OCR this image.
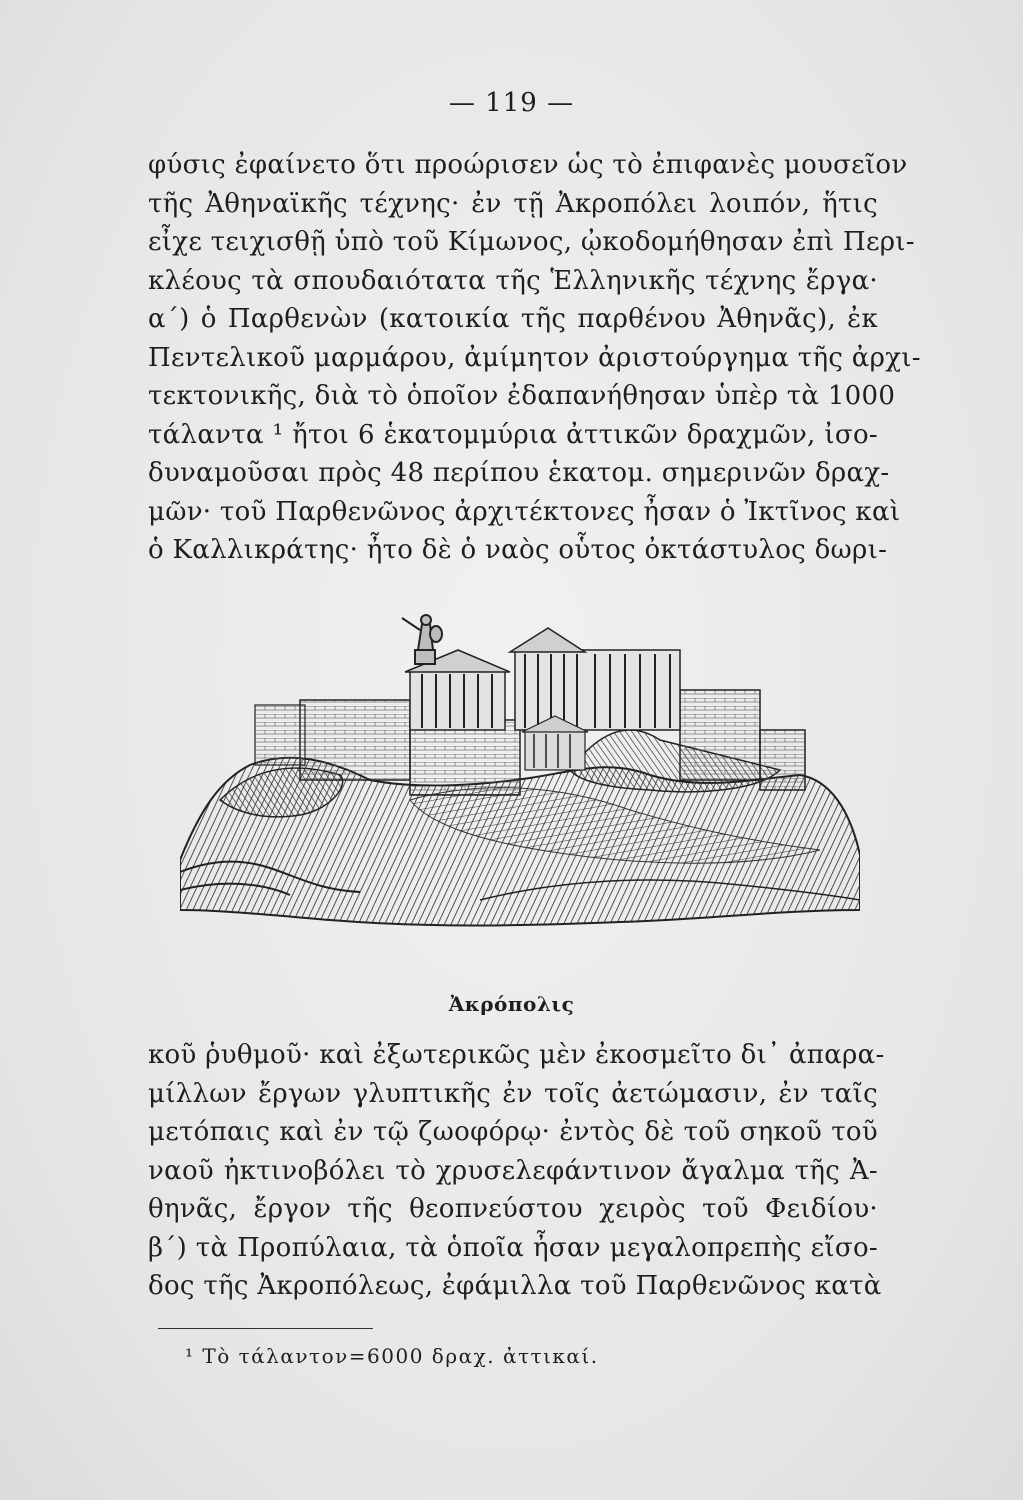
— 119 —
φύσις ἐφαίνετο ὅτι προώρισεν ὡς τὸ ἐπιφανὲς μουσεῖον
τῆς Ἀθηναϊκῆς τέχνης· ἐν τῇ Ἀκροπόλει λοιπόν, ἥτις
εἶχε τειχισθῇ ὑπὸ τοῦ Κίμωνος, ᾠκοδομήθησαν ἐπὶ Περι-
κλέους τὰ σπουδαιότατα τῆς Ἑλληνικῆς τέχνης ἔργα·
α΄) ὁ Παρθενὼν (κατοικία τῆς παρθένου Ἀθηνᾶς), ἐκ
Πεντελικοῦ μαρμάρου, ἀμίμητον ἀριστούργημα τῆς ἀρχι-
τεκτονικῆς, διὰ τὸ ὁποῖον ἐδαπανήθησαν ὑπὲρ τὰ 1000
τάλαντα ¹ ἤτοι 6 ἑκατομμύρια ἀττικῶν δραχμῶν, ἰσο-
δυναμοῦσαι πρὸς 48 περίπου ἑκατομ. σημερινῶν δραχ-
μῶν· τοῦ Παρθενῶνος ἀρχιτέκτονες ἦσαν ὁ Ἰκτῖνος καὶ
ὁ Καλλικράτης· ἦτο δὲ ὁ ναὸς οὗτος ὀκτάστυλος δωρι-
Ἀκρόπολις
κοῦ ῥυθμοῦ· καὶ ἐξωτερικῶς μὲν ἐκοσμεῖτο δι᾽ ἀπαρα-
μίλλων ἔργων γλυπτικῆς ἐν τοῖς ἀετώμασιν, ἐν ταῖς
μετόπαις καὶ ἐν τῷ ζωοφόρῳ· ἐντὸς δὲ τοῦ σηκοῦ τοῦ
ναοῦ ἠκτινοβόλει τὸ χρυσελεφάντινον ἄγαλμα τῆς Ἀ-
θηνᾶς, ἔργον τῆς θεοπνεύστου χειρὸς τοῦ Φειδίου·
β΄) τὰ Προπύλαια, τὰ ὁποῖα ἦσαν μεγαλοπρεπὴς εἴσο-
δος τῆς Ἀκροπόλεως, ἐφάμιλλα τοῦ Παρθενῶνος κατὰ
¹ Τὸ τάλαντον=6000 δραχ. ἀττικαί.
